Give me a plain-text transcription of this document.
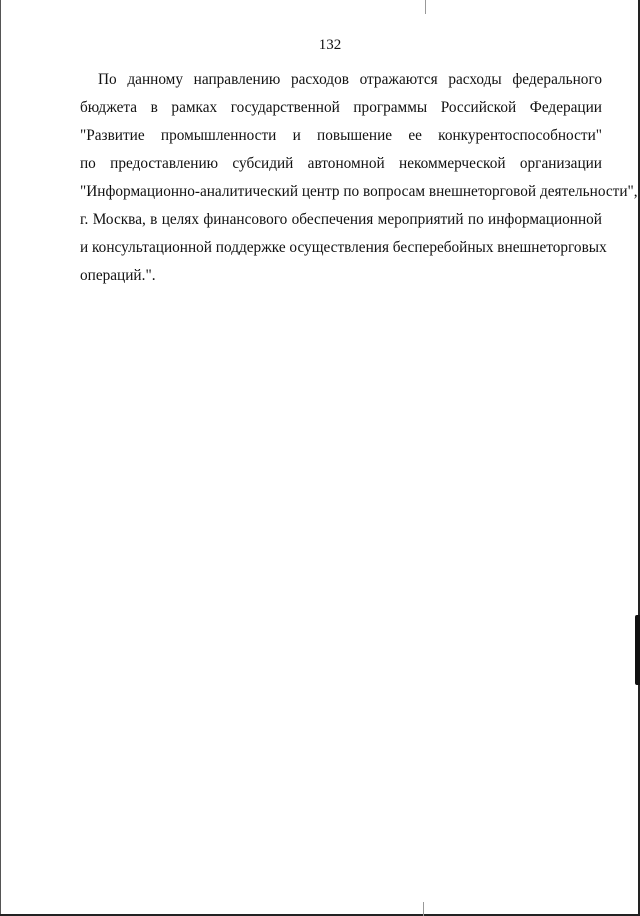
132
По данному направлению расходов отражаются расходы федерального
бюджета в рамках государственной программы Российской Федерации
"Развитие промышленности и повышение ее конкурентоспособности"
по предоставлению субсидий автономной некоммерческой организации
"Информационно-аналитический центр по вопросам внешнеторговой деятельности",
г. Москва, в целях финансового обеспечения мероприятий по информационной
и консультационной поддержке осуществления бесперебойных внешнеторговых
операций.".
